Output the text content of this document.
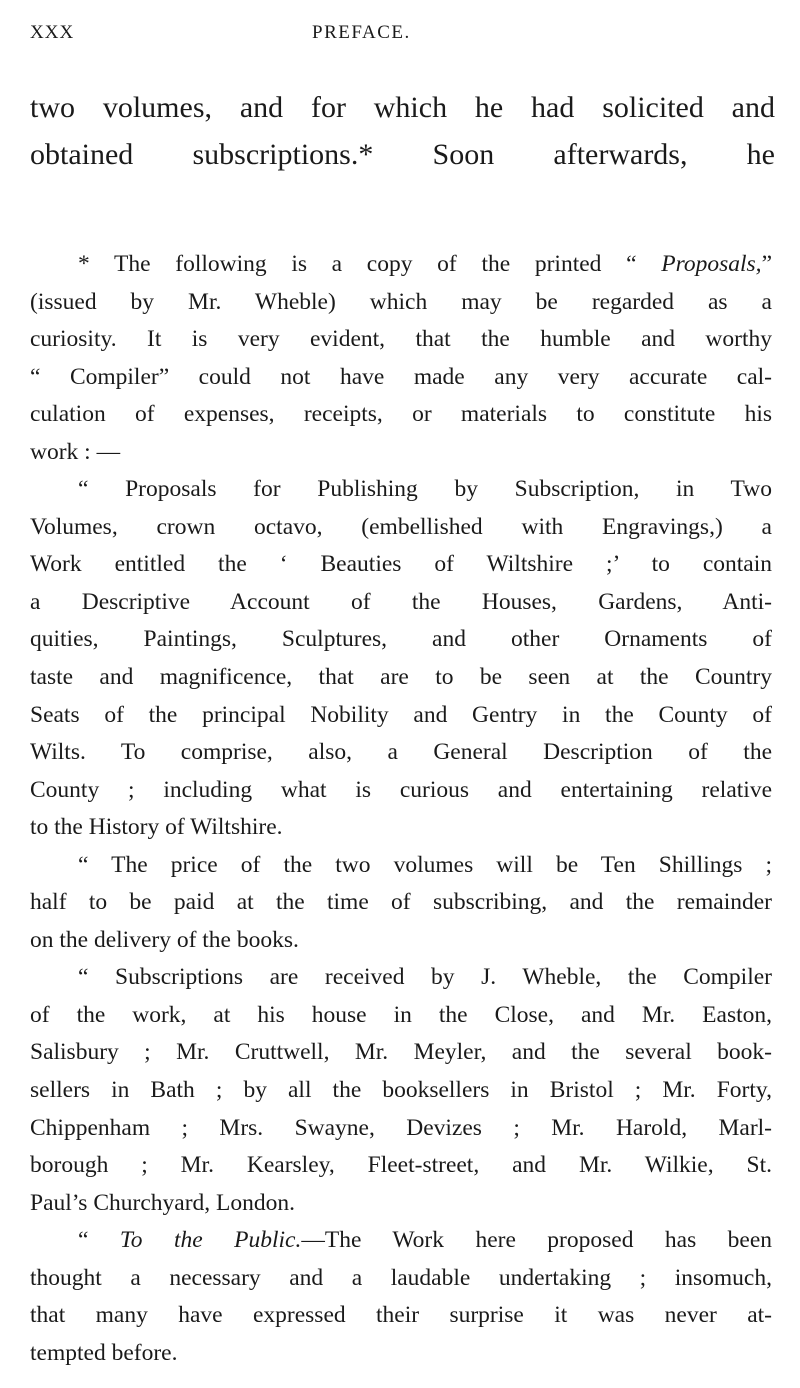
XXX	PREFACE.
two volumes, and for which he had solicited and
obtained subscriptions.* Soon afterwards, he
* The following is a copy of the printed “ Proposals,”
(issued by Mr. Wheble) which may be regarded as a
curiosity. It is very evident, that the humble and worthy
“ Compiler” could not have made any very accurate cal-
culation of expenses, receipts, or materials to constitute his
work : —
“ Proposals for Publishing by Subscription, in Two
Volumes, crown octavo, (embellished with Engravings,) a
Work entitled the ‘ Beauties of Wiltshire ;’ to contain
a Descriptive Account of the Houses, Gardens, Anti-
quities, Paintings, Sculptures, and other Ornaments of
taste and magnificence, that are to be seen at the Country
Seats of the principal Nobility and Gentry in the County of
Wilts. To comprise, also, a General Description of the
County ; including what is curious and entertaining relative
to the History of Wiltshire.
“ The price of the two volumes will be Ten Shillings ;
half to be paid at the time of subscribing, and the remainder
on the delivery of the books.
“ Subscriptions are received by J. Wheble, the Compiler
of the work, at his house in the Close, and Mr. Easton,
Salisbury ; Mr. Cruttwell, Mr. Meyler, and the several book-
sellers in Bath ; by all the booksellers in Bristol ; Mr. Forty,
Chippenham ; Mrs. Swayne, Devizes ; Mr. Harold, Marl-
borough ; Mr. Kearsley, Fleet-street, and Mr. Wilkie, St.
Paul’s Churchyard, London.
“ To the Public.—The Work here proposed has been
thought a necessary and a laudable undertaking ; insomuch,
that many have expressed their surprise it was never at-
tempted before.
